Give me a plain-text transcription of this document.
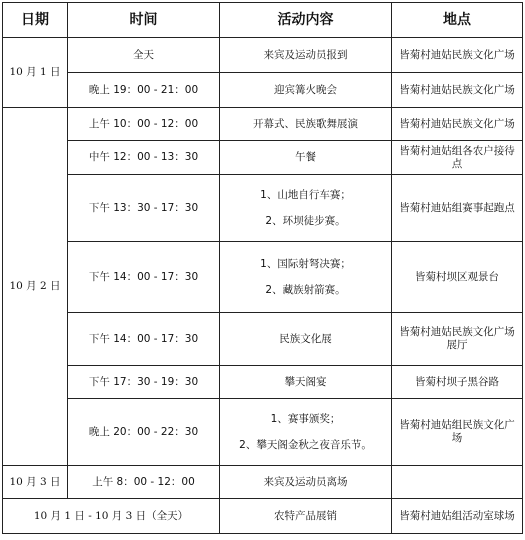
日期	时间	活动内容	地点
10 月 1 日	全天	来宾及运动员报到	皆菊村迪姑民族文化广场
	晚上 19：00 - 21：00	迎宾篝火晚会	皆菊村迪姑民族文化广场
10 月 2 日	上午 10：00 - 12：00	开幕式、民族歌舞展演	皆菊村迪姑民族文化广场
	中午 12：00 - 13：30	午餐	皆菊村迪姑组各农户接待点
	下午 13：30 - 17：30	1、山地自行车赛；
2、环坝徒步赛。	皆菊村迪姑组赛事起跑点
	下午 14：00 - 17：30	1、国际射弩决赛；
2、藏族射箭赛。	皆菊村坝区观景台
	下午 14：00 - 17：30	民族文化展	皆菊村迪姑民族文化广场展厅
	下午 17：30 - 19：30	攀天阁宴	皆菊村坝子黑谷路
	晚上 20：00 - 22：30	1、赛事颁奖；
2、攀天阁金秋之夜音乐节。	皆菊村迪姑组民族文化广场
10 月 3 日	上午 8：00 - 12：00	来宾及运动员离场	

10 月 1 日 - 10 月 3 日（全天）		农特产品展销	皆菊村迪姑组活动室球场
